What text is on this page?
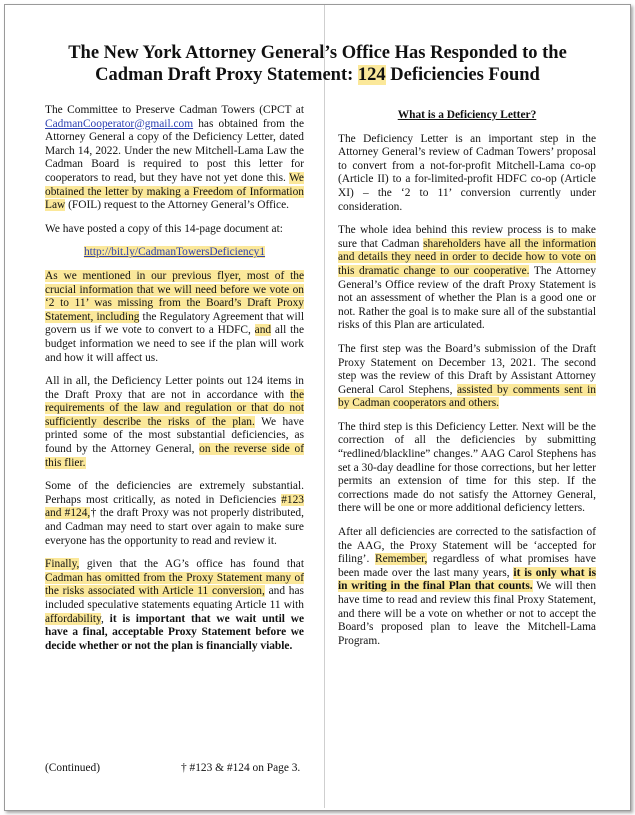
The New York Attorney General’s Office Has Responded to the
Cadman Draft Proxy Statement: 124 Deficiencies Found

The Committee to Preserve Cadman Towers (CPCT at CadmanCooperator@gmail.com has obtained from the Attorney General a copy of the Deficiency Letter, dated March 14, 2022. Under the new Mitchell-Lama Law the Cadman Board is required to post this letter for cooperators to read, but they have not yet done this. We obtained the letter by making a Freedom of Information Law (FOIL) request to the Attorney General’s Office.

We have posted a copy of this 14-page document at:

http://bit.ly/CadmanTowersDeficiency1

As we mentioned in our previous flyer, most of the crucial information that we will need before we vote on ‘2 to 11’ was missing from the Board’s Draft Proxy Statement, including the Regulatory Agreement that will govern us if we vote to convert to a HDFC, and all the budget information we need to see if the plan will work and how it will affect us.

All in all, the Deficiency Letter points out 124 items in the Draft Proxy that are not in accordance with the requirements of the law and regulation or that do not sufficiently describe the risks of the plan. We have printed some of the most substantial deficiencies, as found by the Attorney General, on the reverse side of this flier.

Some of the deficiencies are extremely substantial. Perhaps most critically, as noted in Deficiencies #123 and #124,† the draft Proxy was not properly distributed, and Cadman may need to start over again to make sure everyone has the opportunity to read and review it.

Finally, given that the AG’s office has found that Cadman has omitted from the Proxy Statement many of the risks associated with Article 11 conversion, and has included speculative statements equating Article 11 with affordability, it is important that we wait until we have a final, acceptable Proxy Statement before we decide whether or not the plan is financially viable.

What is a Deficiency Letter?

The Deficiency Letter is an important step in the Attorney General’s review of Cadman Towers’ proposal to convert from a not-for-profit Mitchell-Lama co-op (Article II) to a for-limited-profit HDFC co-op (Article XI) – the ‘2 to 11’ conversion currently under consideration.

The whole idea behind this review process is to make sure that Cadman shareholders have all the information and details they need in order to decide how to vote on this dramatic change to our cooperative. The Attorney General’s Office review of the draft Proxy Statement is not an assessment of whether the Plan is a good one or not. Rather the goal is to make sure all of the substantial risks of this Plan are articulated.

The first step was the Board’s submission of the Draft Proxy Statement on December 13, 2021. The second step was the review of this Draft by Assistant Attorney General Carol Stephens, assisted by comments sent in by Cadman cooperators and others.

The third step is this Deficiency Letter. Next will be the correction of all the deficiencies by submitting “redlined/blackline” changes.” AAG Carol Stephens has set a 30-day deadline for those corrections, but her letter permits an extension of time for this step. If the corrections made do not satisfy the Attorney General, there will be one or more additional deficiency letters.

After all deficiencies are corrected to the satisfaction of the AAG, the Proxy Statement will be ‘accepted for filing’. Remember, regardless of what promises have been made over the last many years, it is only what is in writing in the final Plan that counts. We will then have time to read and review this final Proxy Statement, and there will be a vote on whether or not to accept the Board’s proposed plan to leave the Mitchell-Lama Program.

(Continued)	† #123 & #124 on Page 3.
